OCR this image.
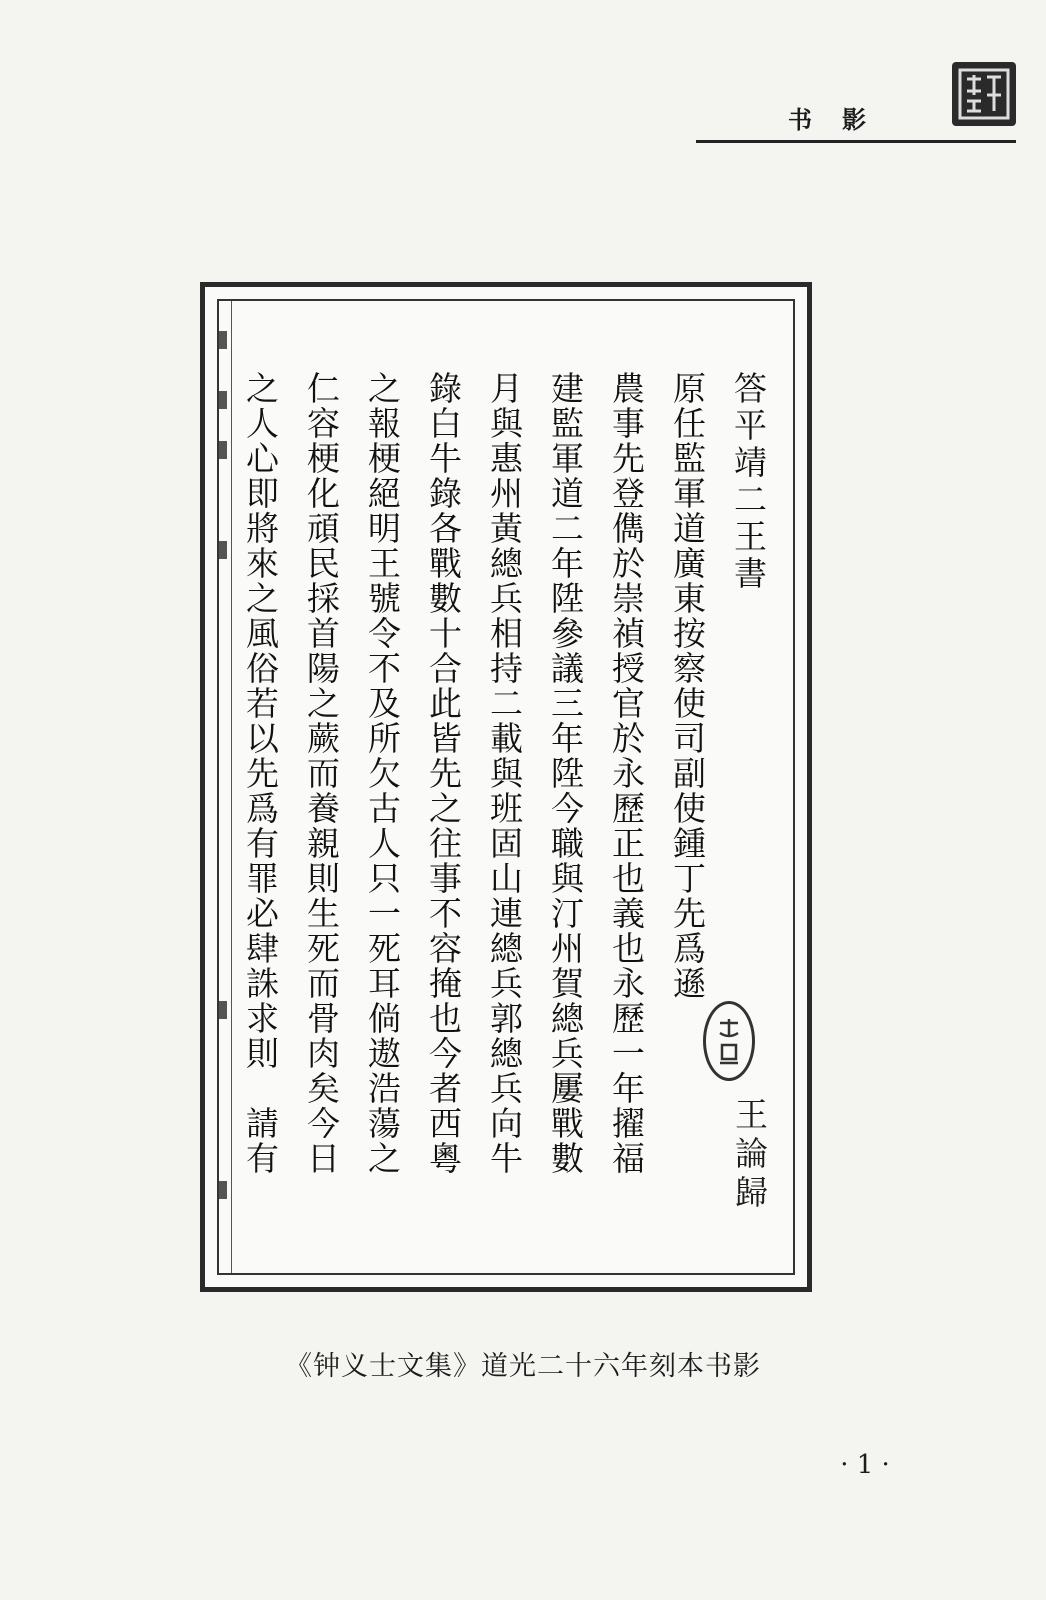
书影
答平靖二王書
原任監軍道廣東按察使司副使鍾丁先爲遜
農事先登儁於崇禎授官於永歷正也義也永歷一年擢福
建監軍道二年陞參議三年陞今職與汀州賀總兵屢戰數
月與惠州黃總兵相持二載與班固山連總兵郭總兵向牛
錄白牛錄各戰數十合此皆先之往事不容掩也今者西粵
之報梗絕明王號令不及所欠古人只一死耳倘遨浩蕩之
仁容梗化頑民採首陽之蕨而養親則生死而骨肉矣今日
之人心即將來之風俗若以先爲有罪必肆誅求則　請有	王論歸
《钟义士文集》道光二十六年刻本书影
· 1 ·
